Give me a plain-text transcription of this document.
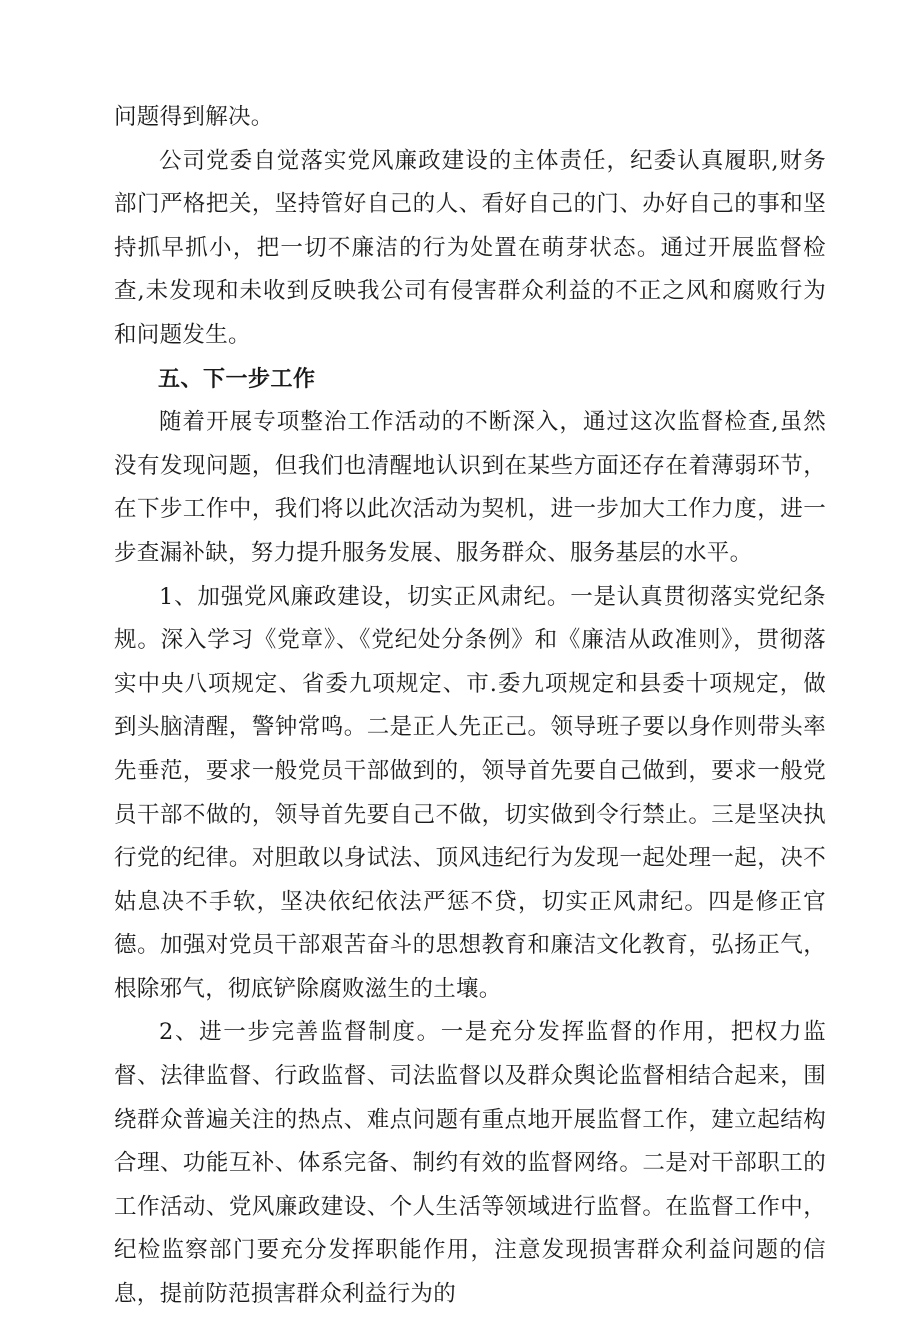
问题得到解决。

公司党委自觉落实党风廉政建设的主体责任，纪委认真履职,财务部门严格把关，坚持管好自己的人、看好自己的门、办好自己的事和坚持抓早抓小，把一切不廉洁的行为处置在萌芽状态。通过开展监督检查,未发现和未收到反映我公司有侵害群众利益的不正之风和腐败行为和问题发生。

五、下一步工作

随着开展专项整治工作活动的不断深入，通过这次监督检查,虽然没有发现问题，但我们也清醒地认识到在某些方面还存在着薄弱环节，在下步工作中，我们将以此次活动为契机，进一步加大工作力度，进一步查漏补缺，努力提升服务发展、服务群众、服务基层的水平。

1、加强党风廉政建设，切实正风肃纪。一是认真贯彻落实党纪条规。深入学习《党章》、《党纪处分条例》和《廉洁从政准则》，贯彻落实中央八项规定、省委九项规定、市.委九项规定和县委十项规定，做到头脑清醒，警钟常鸣。二是正人先正己。领导班子要以身作则带头率先垂范，要求一般党员干部做到的，领导首先要自己做到，要求一般党员干部不做的，领导首先要自己不做，切实做到令行禁止。三是坚决执行党的纪律。对胆敢以身试法、顶风违纪行为发现一起处理一起，决不姑息决不手软，坚决依纪依法严惩不贷，切实正风肃纪。四是修正官德。加强对党员干部艰苦奋斗的思想教育和廉洁文化教育，弘扬正气，根除邪气，彻底铲除腐败滋生的土壤。

2、进一步完善监督制度。一是充分发挥监督的作用，把权力监督、法律监督、行政监督、司法监督以及群众舆论监督相结合起来，围绕群众普遍关注的热点、难点问题有重点地开展监督工作，建立起结构合理、功能互补、体系完备、制约有效的监督网络。二是对干部职工的工作活动、党风廉政建设、个人生活等领域进行监督。在监督工作中，纪检监察部门要充分发挥职能作用，注意发现损害群众利益问题的信息，提前防范损害群众利益行为的
